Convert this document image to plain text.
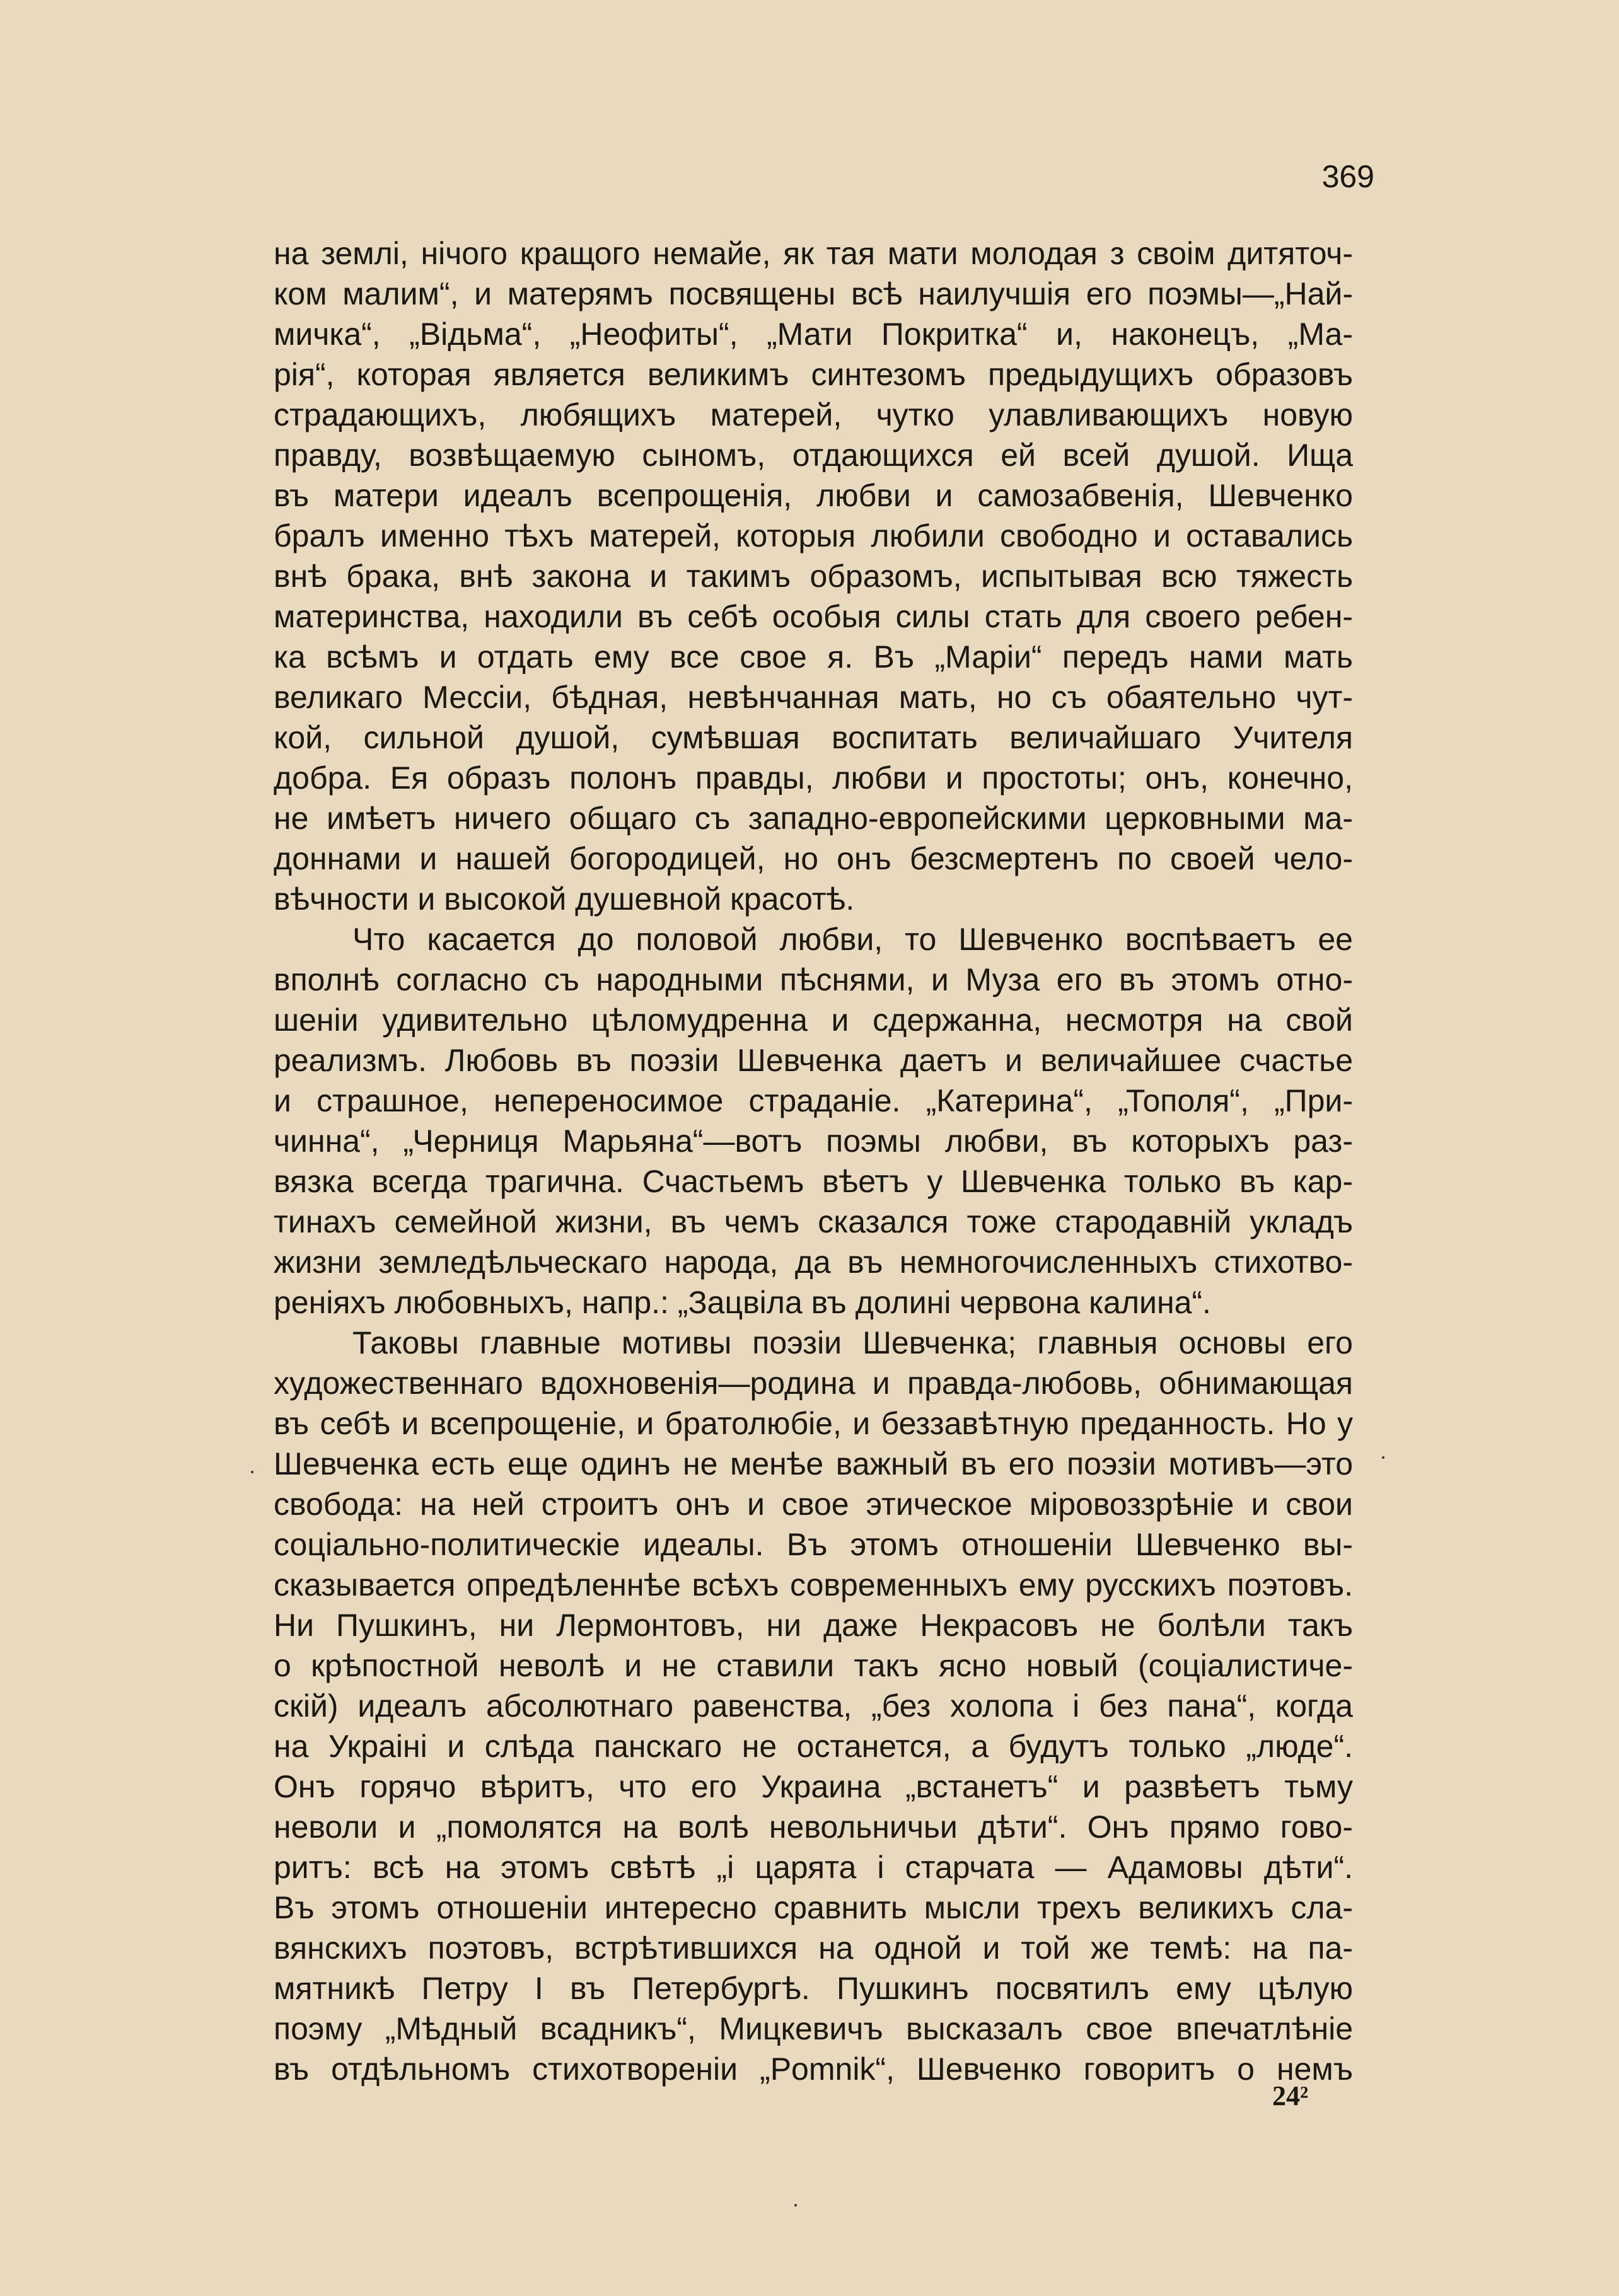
369
на землі, нічого кращого немайе, як тая мати молодая з своім дитяточ-
ком малим“, и матерямъ посвящены всѣ наилучшія его поэмы—„Най-
мичка“, „Відьма“, „Неофиты“, „Мати Покритка“ и, наконецъ, „Ма-
рія“, которая является великимъ синтезомъ предыдущихъ образовъ
страдающихъ, любящихъ матерей, чутко улавливающихъ новую
правду, возвѣщаемую сыномъ, отдающихся ей всей душой. Ища
въ матери идеалъ всепрощенія, любви и самозабвенія, Шевченко
бралъ именно тѣхъ матерей, которыя любили свободно и оставались
внѣ брака, внѣ закона и такимъ образомъ, испытывая всю тяжесть
материнства, находили въ себѣ особыя силы стать для своего ребен-
ка всѣмъ и отдать ему все свое я. Въ „Маріи“ передъ нами мать
великаго Мессіи, бѣдная, невѣнчанная мать, но съ обаятельно чут-
кой, сильной душой, сумѣвшая воспитать величайшаго Учителя
добра. Ея образъ полонъ правды, любви и простоты; онъ, конечно,
не имѣетъ ничего общаго съ западно-европейскими церковными ма-
доннами и нашей богородицей, но онъ безсмертенъ по своей чело-
вѣчности и высокой душевной красотѣ.
Что касается до половой любви, то Шевченко воспѣваетъ ее
вполнѣ согласно съ народными пѣснями, и Муза его въ этомъ отно-
шеніи удивительно цѣломудренна и сдержанна, несмотря на свой
реализмъ. Любовь въ поэзіи Шевченка даетъ и величайшее счастье
и страшное, непереносимое страданіе. „Катерина“, „Тополя“, „При-
чинна“, „Черниця Марьяна“—вотъ поэмы любви, въ которыхъ раз-
вязка всегда трагична. Счастьемъ вѣетъ у Шевченка только въ кар-
тинахъ семейной жизни, въ чемъ сказался тоже стародавній укладъ
жизни земледѣльческаго народа, да въ немногочисленныхъ стихотво-
реніяхъ любовныхъ, напр.: „Зацвіла въ долині червона калина“.
Таковы главные мотивы поэзіи Шевченка; главныя основы его
художественнаго вдохновенія—родина и правда-любовь, обнимающая
въ себѣ и всепрощеніе, и братолюбіе, и беззавѣтную преданность. Но у
Шевченка есть еще одинъ не менѣе важный въ его поэзіи мотивъ—это
свобода: на ней строитъ онъ и свое этическое міровоззрѣніе и свои
соціально-политическіе идеалы. Въ этомъ отношеніи Шевченко вы-
сказывается опредѣленнѣе всѣхъ современныхъ ему русскихъ поэтовъ.
Ни Пушкинъ, ни Лермонтовъ, ни даже Некрасовъ не болѣли такъ
о крѣпостной неволѣ и не ставили такъ ясно новый (соціалистиче-
скій) идеалъ абсолютнаго равенства, „без холопа і без пана“, когда
на Украіні и слѣда панскаго не останется, а будутъ только „люде“.
Онъ горячо вѣритъ, что его Украина „встанетъ“ и развѣетъ тьму
неволи и „помолятся на волѣ невольничьи дѣти“. Онъ прямо гово-
ритъ: всѣ на этомъ свѣтѣ „і царята і старчата — Адамовы дѣти“.
Въ этомъ отношеніи интересно сравнить мысли трехъ великихъ сла-
вянскихъ поэтовъ, встрѣтившихся на одной и той же темѣ: на па-
мятникѣ Петру I въ Петербургѣ. Пушкинъ посвятилъ ему цѣлую
поэму „Мѣдный всадникъ“, Мицкевичъ высказалъ свое впечатлѣніе
въ отдѣльномъ стихотвореніи „Pomnik“, Шевченко говоритъ о немъ
24²
